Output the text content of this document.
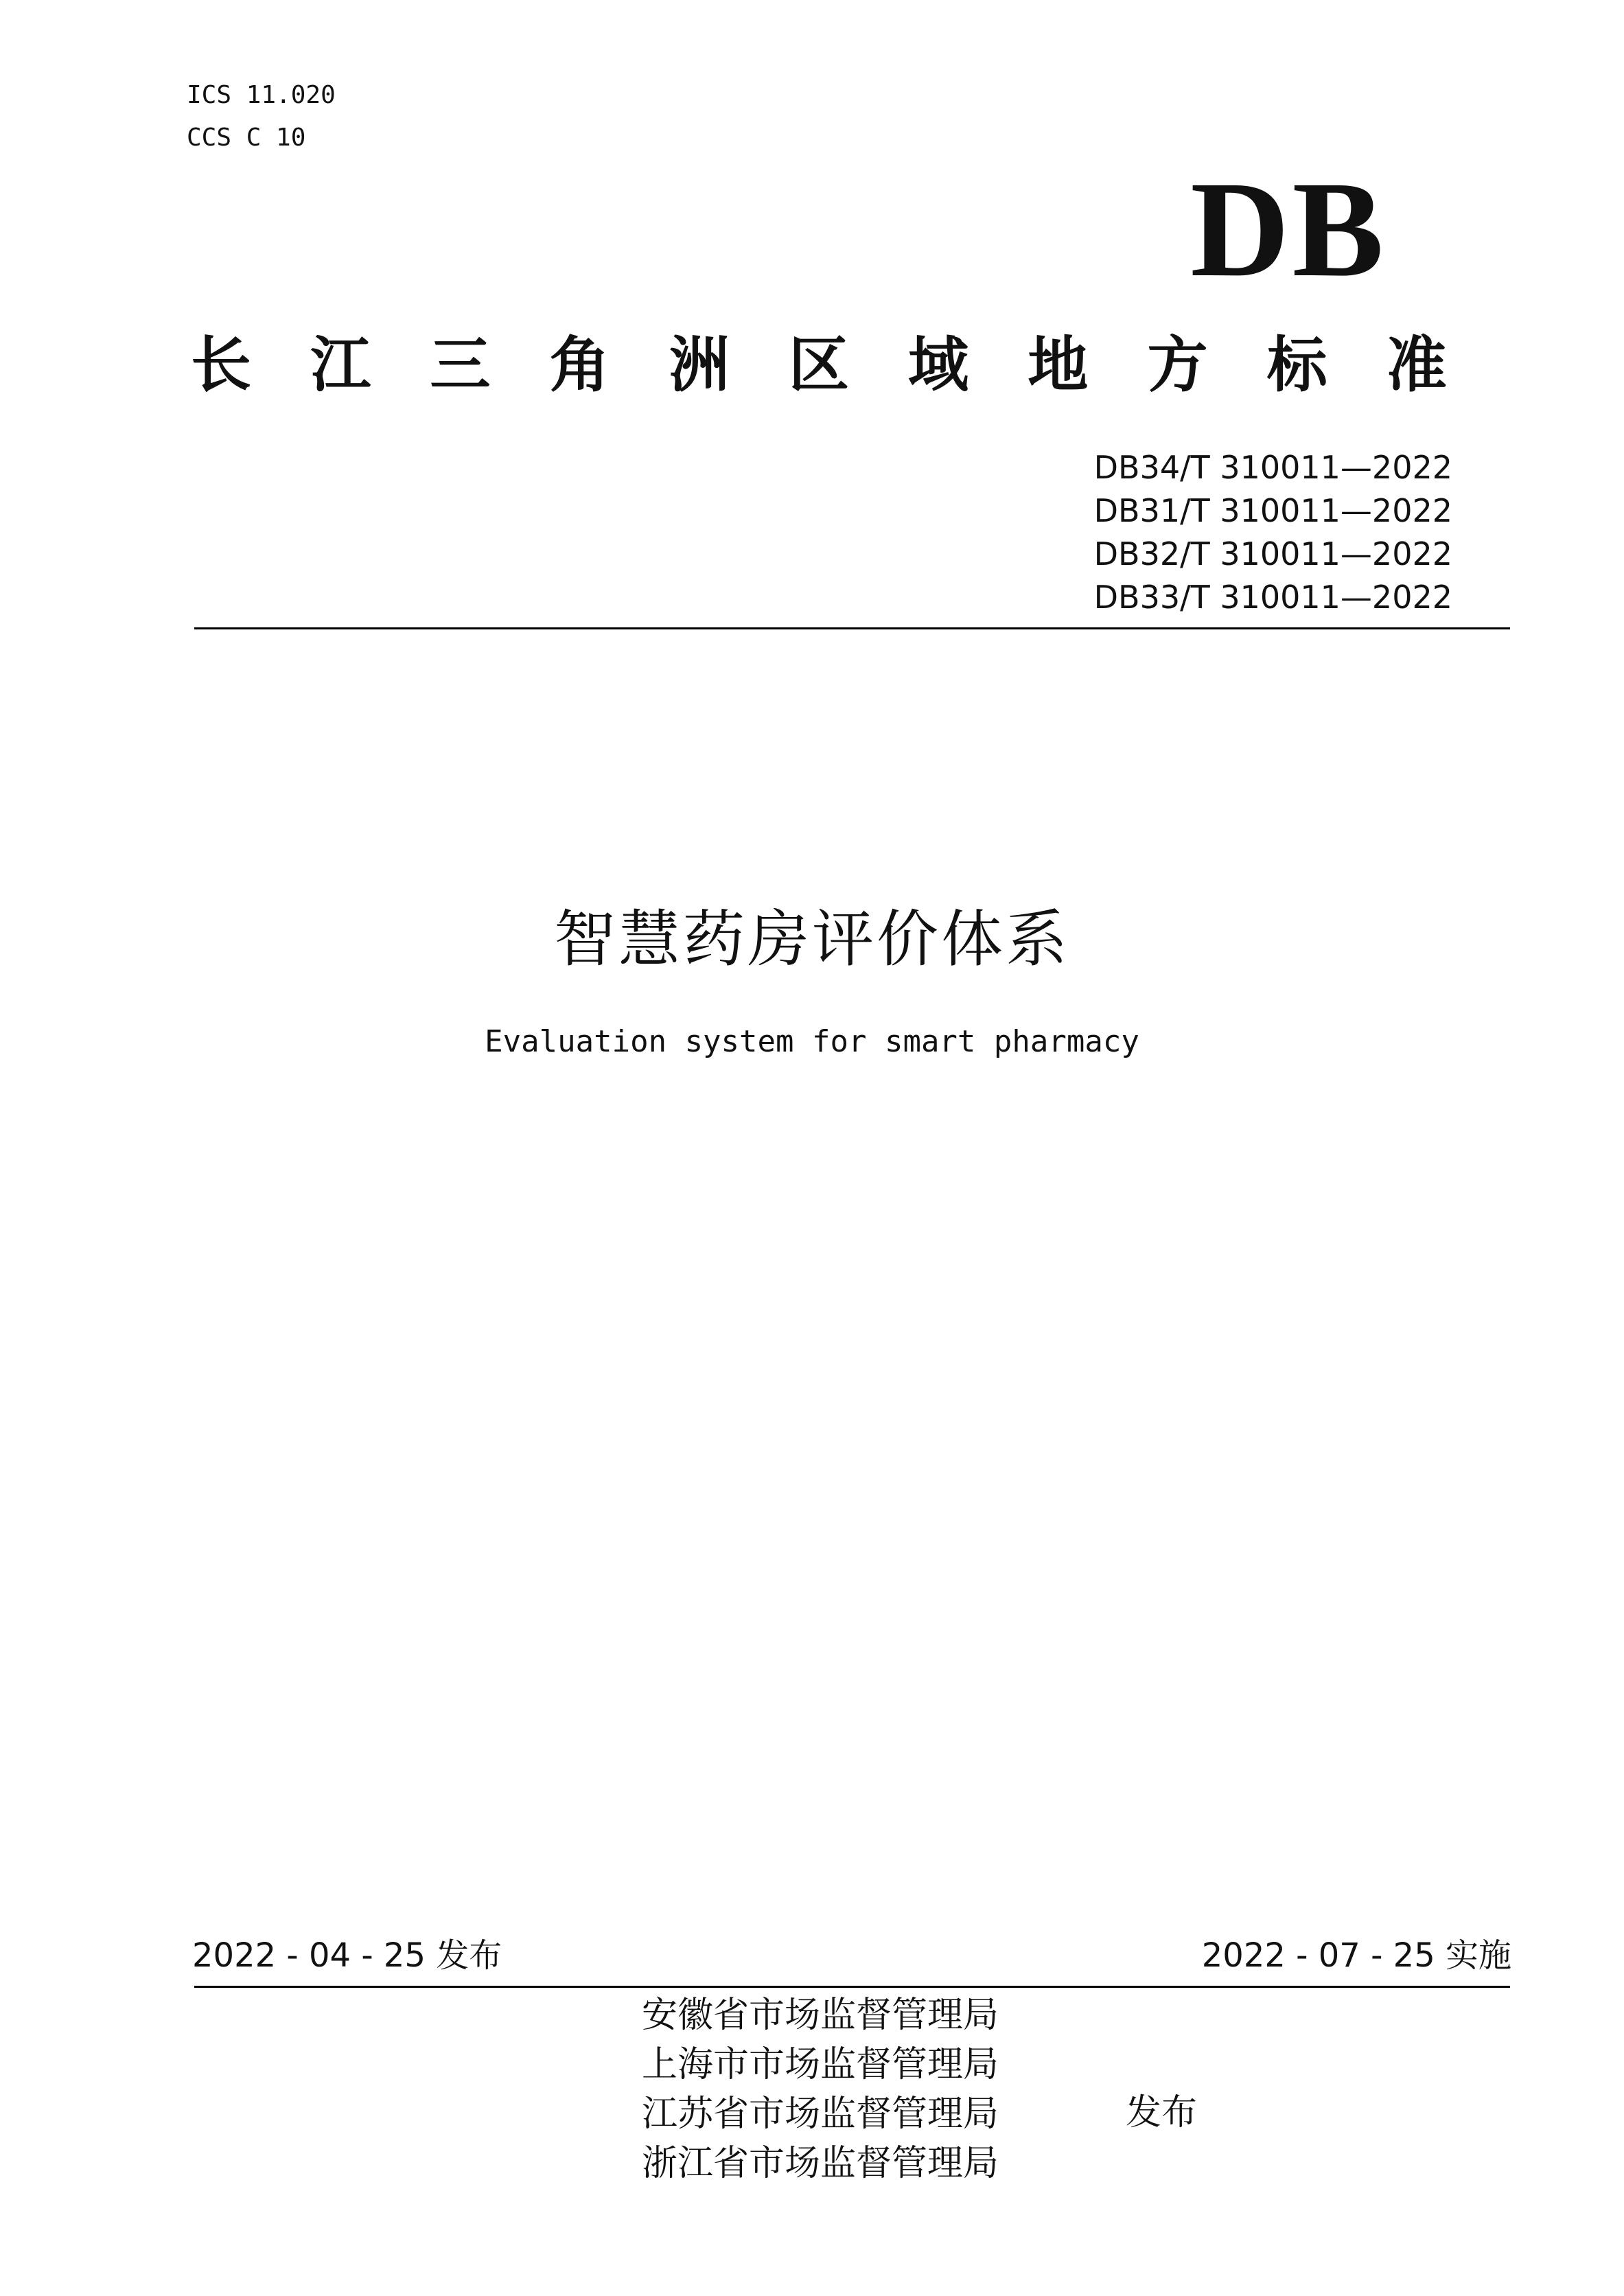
ICS 11.020
CCS C 10
DB
长 江 三 角 洲 区 域 地 方 标 准
DB34/T 310011—2022
DB31/T 310011—2022
DB32/T 310011—2022
DB33/T 310011—2022
智慧药房评价体系
Evaluation system for smart pharmacy
2022 - 04 - 25 发布	2022 - 07 - 25 实施
安徽省市场监督管理局
上海市市场监督管理局
江苏省市场监督管理局
浙江省市场监督管理局
发布
